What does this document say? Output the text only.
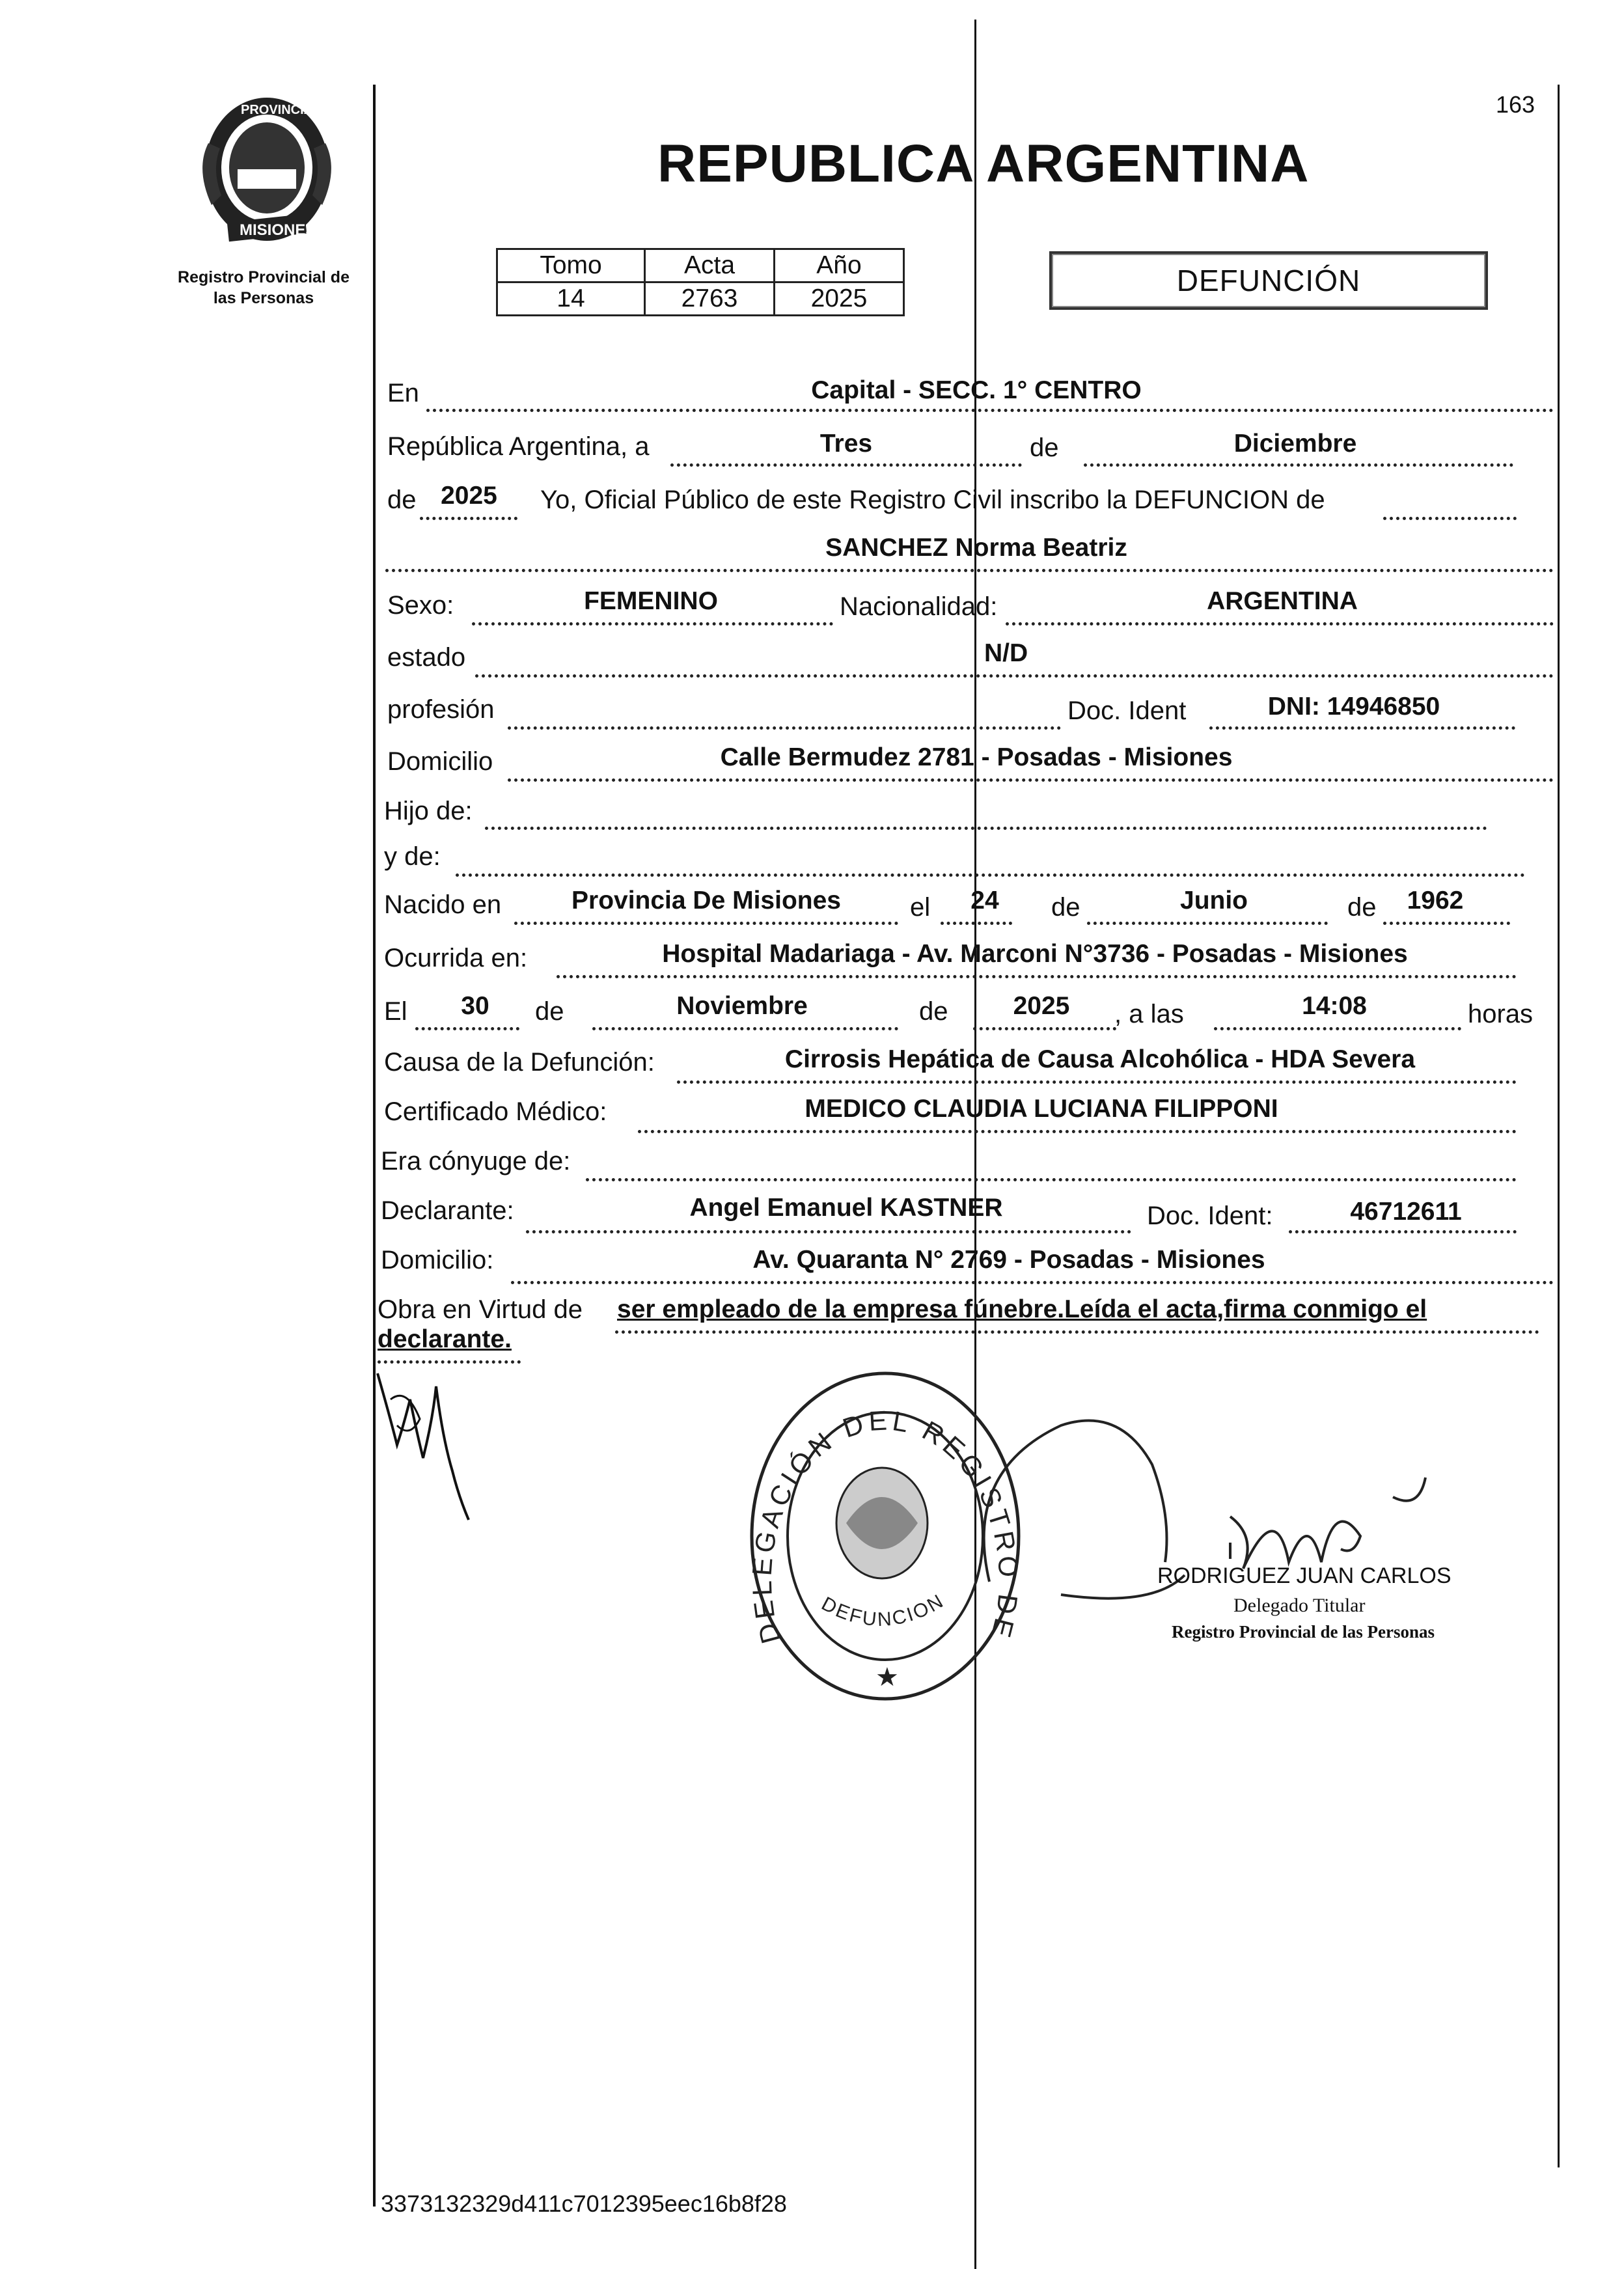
PROVINCIA
MISIONES
Registro Provincial de
las Personas
163
REPUBLICA ARGENTINA
Tomo	Acta	Año
14	2763	2025
DEFUNCIÓN
En	Capital - SECC. 1° CENTRO
República Argentina, a	Tres	de	Diciembre
de 2025	Yo, Oficial Público de este Registro Civil inscribo la DEFUNCION de
SANCHEZ Norma Beatriz
Sexo:	FEMENINO	Nacionalidad:	ARGENTINA
estado	N/D
profesión	Doc. Ident	DNI: 14946850
Domicilio	Calle Bermudez 2781 - Posadas - Misiones
Hijo de:
y de:
Nacido en	Provincia De Misiones	el	24	de	Junio	de	1962
Ocurrida en:	Hospital Madariaga - Av. Marconi N°3736 - Posadas - Misiones
El	30	de	Noviembre	de	2025	, a las	14:08	horas
Causa de la Defunción:	Cirrosis Hepática de Causa Alcohólica - HDA Severa
Certificado Médico:	MEDICO CLAUDIA LUCIANA FILIPPONI
Era cónyuge de:
Declarante:	Angel Emanuel KASTNER	Doc. Ident:	46712611
Domicilio:	Av. Quaranta N° 2769 - Posadas - Misiones
Obra en Virtud de ser empleado de la empresa fúnebre.Leída el acta,firma conmigo el
declarante.
DELEGACIÓN DEL REGISTRO DE
DEFUNCION
★
RODRIGUEZ JUAN CARLOS
Delegado Titular
Registro Provincial de las Personas
3373132329d411c7012395eec16b8f28
